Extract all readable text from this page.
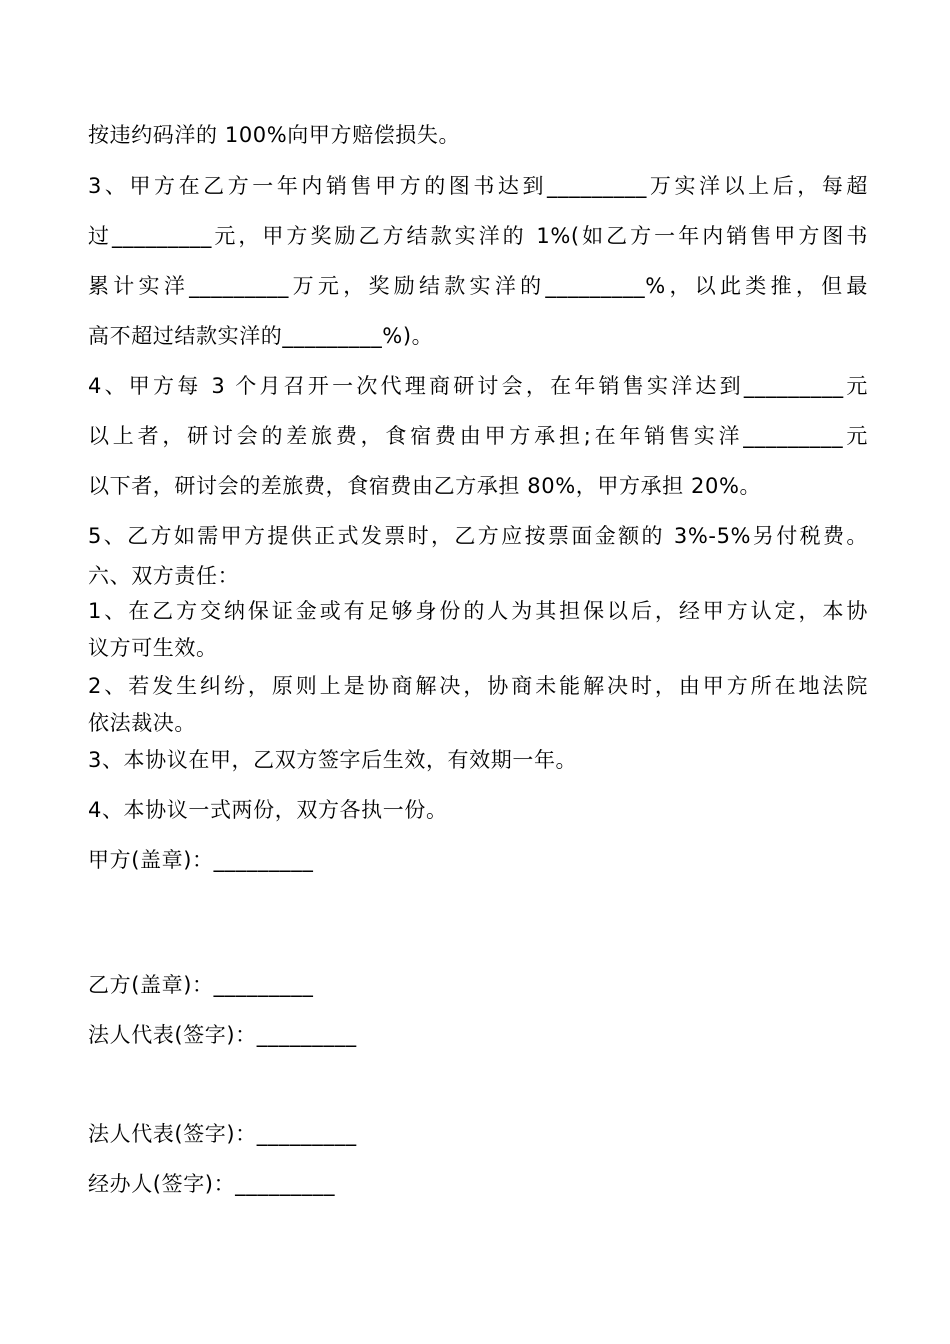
按违约码洋的 100%向甲方赔偿损失。
3、甲方在乙方一年内销售甲方的图书达到_________万实洋以上后，每超
过_________元，甲方奖励乙方结款实洋的 1%(如乙方一年内销售甲方图书
累计实洋_________万元，奖励结款实洋的_________%，以此类推，但最
高不超过结款实洋的_________%)。
4、甲方每 3 个月召开一次代理商研讨会，在年销售实洋达到_________元
以上者，研讨会的差旅费，食宿费由甲方承担;在年销售实洋_________元
以下者，研讨会的差旅费，食宿费由乙方承担 80%，甲方承担 20%。
5、乙方如需甲方提供正式发票时，乙方应按票面金额的 3%-5%另付税费。
六、双方责任：
1、在乙方交纳保证金或有足够身份的人为其担保以后，经甲方认定，本协
议方可生效。
2、若发生纠纷，原则上是协商解决，协商未能解决时，由甲方所在地法院
依法裁决。
3、本协议在甲，乙双方签字后生效，有效期一年。
4、本协议一式两份，双方各执一份。
甲方(盖章)：_________
乙方(盖章)：_________
法人代表(签字)：_________
法人代表(签字)：_________
经办人(签字)：_________
